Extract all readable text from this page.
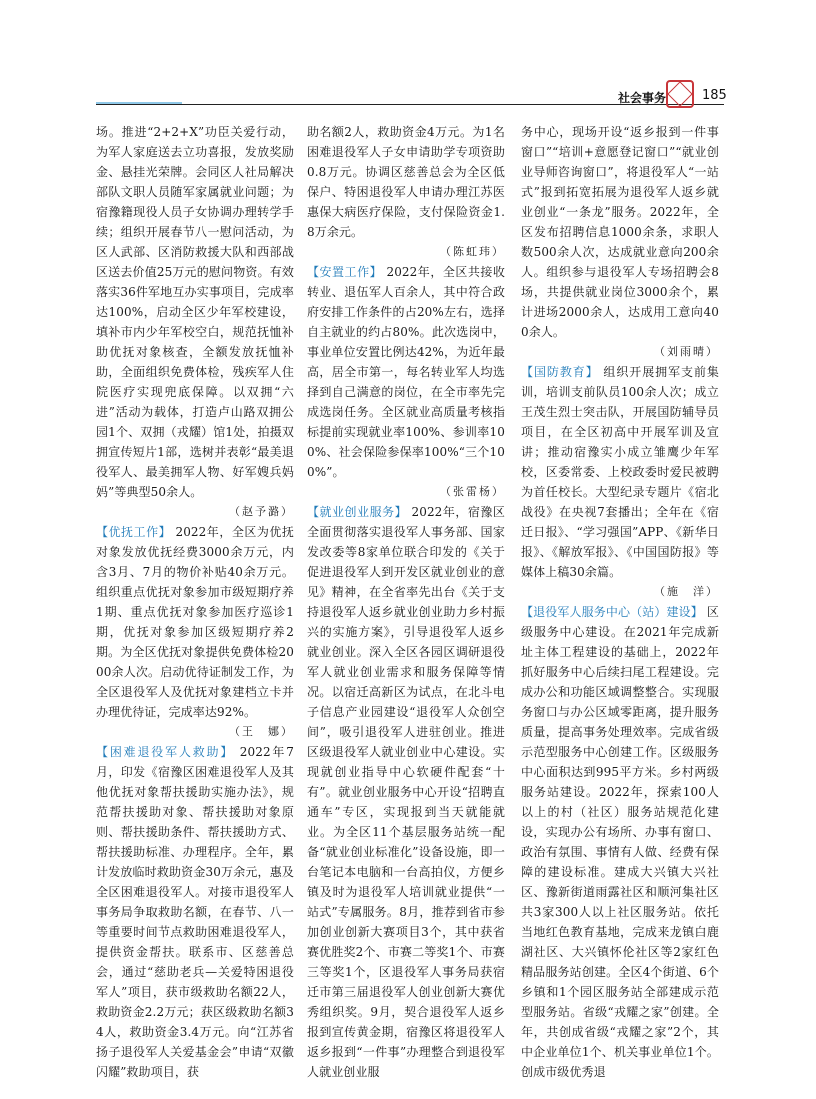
社会事务	185

场。推进“2+2+X”功臣关爱行动，为军人家庭送去立功喜报，发放奖励金、悬挂光荣牌。会同区人社局解决部队文职人员随军家属就业问题；为宿豫籍现役人员子女协调办理转学手续；组织开展春节八一慰问活动，为区人武部、区消防救援大队和西部战区送去价值25万元的慰问物资。有效落实36件军地互办实事项目，完成率达100%，启动全区少年军校建设，填补市内少年军校空白，规范抚恤补助优抚对象核查，全额发放抚恤补助，全面组织免费体检，残疾军人住院医疗实现兜底保障。以双拥“六进”活动为载体，打造卢山路双拥公园1个、双拥（戎耀）馆1处，拍摄双拥宣传短片1部，选树并表彰“最美退役军人、最美拥军人物、好军嫂兵妈妈”等典型50余人。

（赵予潞）

【优抚工作】 2022年，全区为优抚对象发放优抚经费3000余万元，内含3月、7月的物价补贴40余万元。组织重点优抚对象参加市级短期疗养1期、重点优抚对象参加医疗巡诊1期，优抚对象参加区级短期疗养2期。为全区优抚对象提供免费体检2000余人次。启动优待证制发工作，为全区退役军人及优抚对象建档立卡并办理优待证，完成率达92%。

（王　娜）

【困难退役军人救助】 2022年7月，印发《宿豫区困难退役军人及其他优抚对象帮扶援助实施办法》，规范帮扶援助对象、帮扶援助对象原则、帮扶援助条件、帮扶援助方式、帮扶援助标准、办理程序。全年，累计发放临时救助资金30万余元，惠及全区困难退役军人。对接市退役军人事务局争取救助名额，在春节、八一等重要时间节点救助困难退役军人，提供资金帮扶。联系市、区慈善总会，通过“慈助老兵—关爱特困退役军人”项目，获市级救助名额22人，救助资金2.2万元；获区级救助名额34人，救助资金3.4万元。向“江苏省扬子退役军人关爱基金会”申请“双徽闪耀”救助项目，获

助名额2人，救助资金4万元。为1名困难退役军人子女申请助学专项资助0.8万元。协调区慈善总会为全区低保户、特困退役军人申请办理江苏医惠保大病医疗保险，支付保险资金1.8万余元。

（陈虹玮）

【安置工作】 2022年，全区共接收转业、退伍军人百余人，其中符合政府安排工作条件的占20%左右，选择自主就业的约占80%。此次选岗中，事业单位安置比例达42%，为近年最高，居全市第一，每名转业军人均选择到自己满意的岗位，在全市率先完成选岗任务。全区就业高质量考核指标提前实现就业率100%、参训率100%、社会保险参保率100%“三个100%”。

（张雷杨）

【就业创业服务】 2022年，宿豫区全面贯彻落实退役军人事务部、国家发改委等8家单位联合印发的《关于促进退役军人到开发区就业创业的意见》精神，在全省率先出台《关于支持退役军人返乡就业创业助力乡村振兴的实施方案》，引导退役军人返乡就业创业。深入全区各园区调研退役军人就业创业需求和服务保障等情况。以宿迁高新区为试点，在北斗电子信息产业园建设“退役军人众创空间”，吸引退役军人进驻创业。推进区级退役军人就业创业中心建设。实现就创业指导中心软硬件配套“十有”。就业创业服务中心开设“招聘直通车”专区，实现报到当天就能就业。为全区11个基层服务站统一配备“就业创业标准化”设备设施，即一台笔记本电脑和一台高拍仪，方便乡镇及时为退役军人培训就业提供“一站式”专属服务。8月，推荐到省市参加创业创新大赛项目3个，其中获省赛优胜奖2个、市赛二等奖1个、市赛三等奖1个，区退役军人事务局获宿迁市第三届退役军人创业创新大赛优秀组织奖。9月，契合退役军人返乡报到宣传黄金期，宿豫区将退役军人返乡报到“一件事”办理整合到退役军人就业创业服

务中心，现场开设“返乡报到一件事窗口”“培训+意愿登记窗口”“就业创业导师咨询窗口”，将退役军人“一站式”报到拓宽拓展为退役军人返乡就业创业“一条龙”服务。2022年，全区发布招聘信息1000余条，求职人数500余人次，达成就业意向200余人。组织参与退役军人专场招聘会8场，共提供就业岗位3000余个，累计进场2000余人，达成用工意向400余人。

（刘雨晴）

【国防教育】 组织开展拥军支前集训，培训支前队员100余人次；成立王茂生烈士突击队，开展国防辅导员项目，在全区初高中开展军训及宣讲；推动宿豫实小成立雏鹰少年军校，区委常委、上校政委时爱民被聘为首任校长。大型纪录专题片《宿北战役》在央视7套播出；全年在《宿迁日报》、“学习强国”APP、《新华日报》、《解放军报》、《中国国防报》等媒体上稿30余篇。

（施　洋）

【退役军人服务中心（站）建设】 区级服务中心建设。在2021年完成新址主体工程建设的基础上，2022年抓好服务中心后续扫尾工程建设。完成办公和功能区域调整整合。实现服务窗口与办公区域零距离，提升服务质量，提高事务处理效率。完成省级示范型服务中心创建工作。区级服务中心面积达到995平方米。乡村两级服务站建设。2022年，探索100人以上的村（社区）服务站规范化建设，实现办公有场所、办事有窗口、政治有氛围、事情有人做、经费有保障的建设标准。建成大兴镇大兴社区、豫新街道雨露社区和顺河集社区共3家300人以上社区服务站。依托当地红色教育基地，完成来龙镇白鹿湖社区、大兴镇怀伦社区等2家红色精品服务站创建。全区4个街道、6个乡镇和1个园区服务站全部建成示范型服务站。省级“戎耀之家”创建。全年，共创成省级“戎耀之家”2个，其中企业单位1个、机关事业单位1个。创成市级优秀退
